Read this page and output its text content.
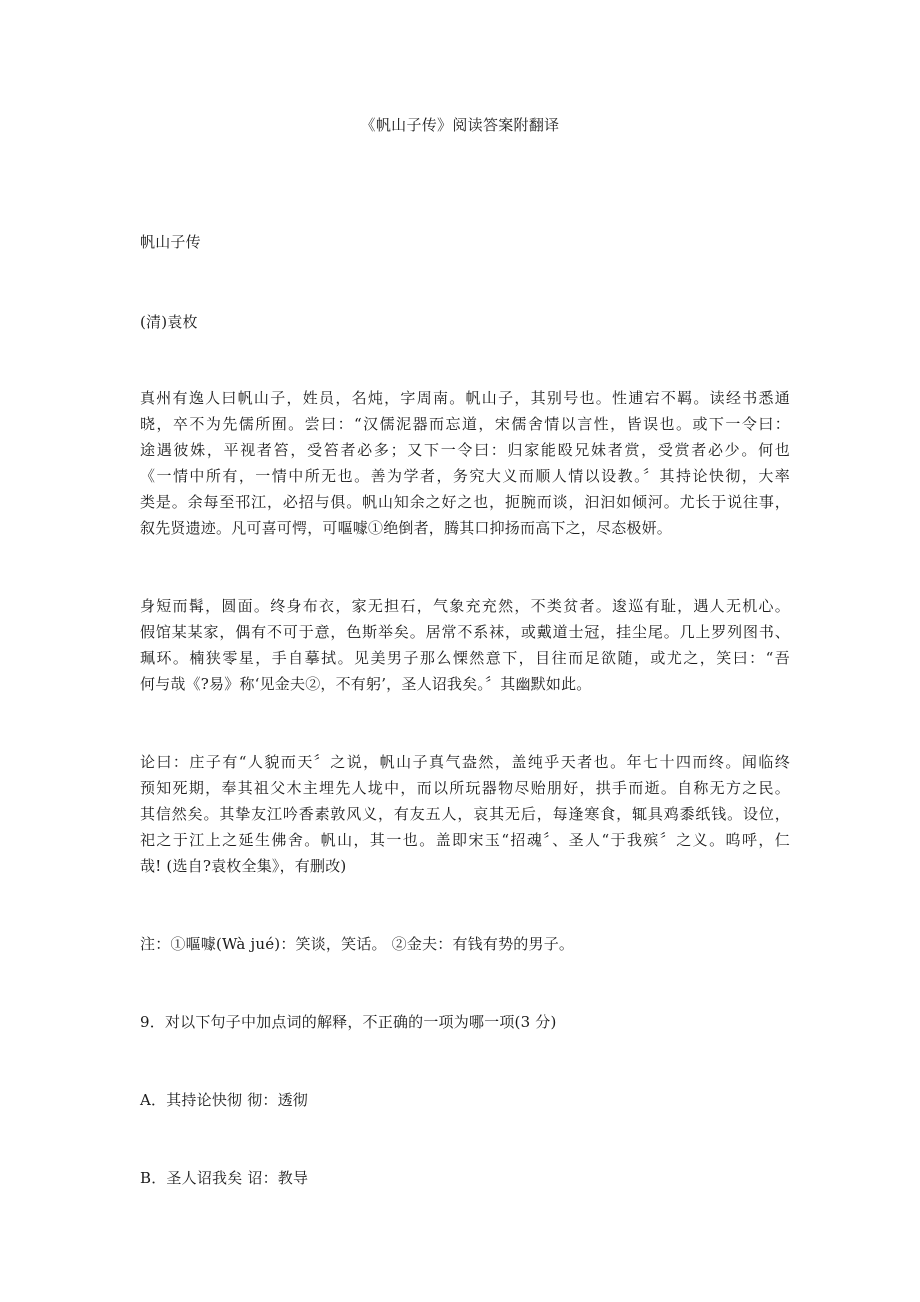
《帆山子传》阅读答案附翻译
帆山子传
(清)袁枚
真州有逸人曰帆山子，姓员，名炖，字周南。帆山子，其别号也。性逋宕不羁。读经书悉通
晓，卒不为先儒所囿。尝曰：“汉儒泥器而忘道，宋儒舍情以言性，皆误也。或下一令曰：
途遇彼姝，平视者笞，受笞者必多；又下一令曰：归家能殴兄妹者赏，受赏者必少。何也
《一情中所有，一情中所无也。善为学者，务究大义而顺人情以设教。〞其持论快彻，大率
类是。余每至邗江，必招与俱。帆山知余之好之也，扼腕而谈，汩汩如倾河。尤长于说往事，
叙先贤遗迹。凡可喜可愕，可嘔噱①绝倒者，腾其口抑扬而高下之，尽态极妍。
身短而髯，圆面。终身布衣，家无担石，气象充充然，不类贫者。逡巡有耻，遇人无机心。
假馆某某家，偶有不可于意，色斯举矣。居常不系袜，或戴道士冠，挂尘尾。几上罗列图书、
珮环。楠狭零星，手自摹拭。见美男子那么慄然意下，目往而足欲随，或尤之，笑曰：“吾
何与哉《?易》称‘见金夫②，不有躬’，圣人诏我矣。〞其幽默如此。
论曰：庄子有“人貌而天〞之说，帆山子真气盎然，盖纯乎天者也。年七十四而终。闻临终
预知死期，奉其祖父木主埋先人垅中，而以所玩器物尽贻朋好，拱手而逝。自称无方之民。
其信然矣。其挚友江吟香素敦风义，有友五人，哀其无后，每逢寒食，辄具鸡黍纸钱。设位，
祀之于江上之延生佛舍。帆山，其一也。盖即宋玉“招魂〞、圣人“于我殡〞之义。呜呼，仁
哉! (选自?袁枚全集》，有删改)
注：①嘔噱(Wà jué)：笑谈，笑话。 ②金夫：有钱有势的男子。
9．对以下句子中加点词的解释，不正确的一项为哪一项(3 分)
A．其持论快彻 彻：透彻
B．圣人诏我矣 诏：教导
